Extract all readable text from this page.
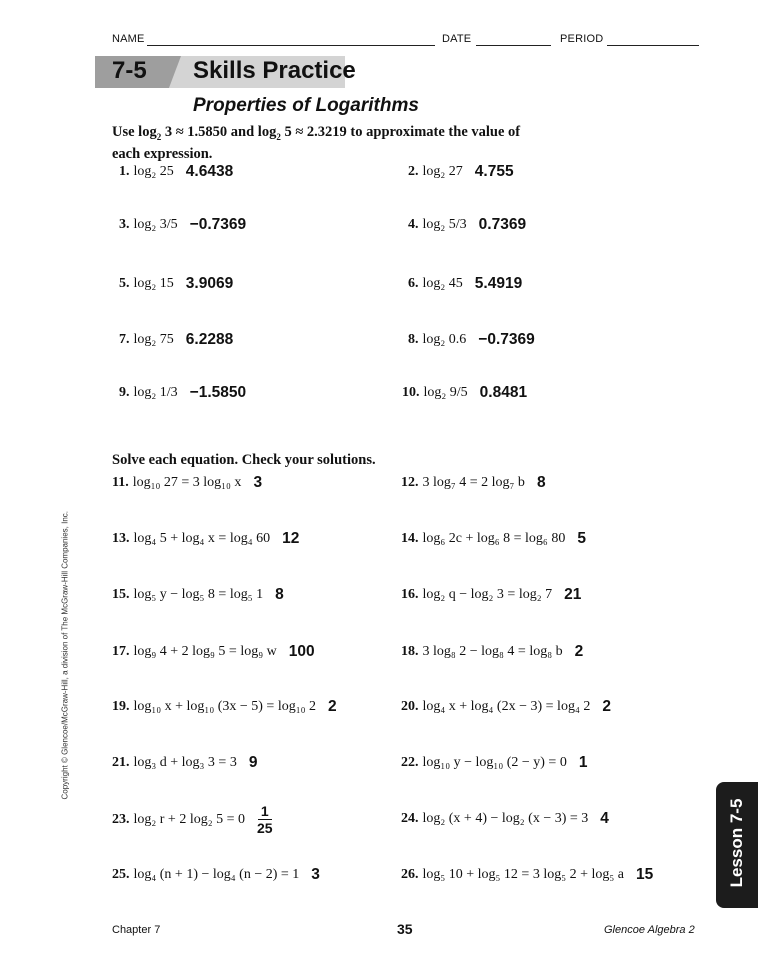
NAME	DATE	PERIOD
7-5 Skills Practice
Properties of Logarithms
Use $\log_2 3 \approx 1.5850$ and $\log_2 5 \approx 2.3219$ to approximate the value of
each expression.
1. log₂ 25 4.6438	2. log₂ 27 4.755
3. log₂ 3/5 −0.7369	4. log₂ 5/3 0.7369
5. log₂ 15 3.9069	6. log₂ 45 5.4919
7. log₂ 75 6.2288	8. log₂ 0.6 −0.7369
9. log₂ 1/3 −1.5850	10. log₂ 9/5 0.8481
Solve each equation. Check your solutions.
11. log₁₀ 27 = 3 log₁₀ x 3	12. 3 log₇ 4 = 2 log₇ b 8
13. log₄ 5 + log₄ x = log₄ 60 12	14. log₆ 2c + log₆ 8 = log₆ 80 5
15. log₅ y − log₅ 8 = log₅ 1 8	16. log₂ q − log₂ 3 = log₂ 7 21
17. log₉ 4 + 2 log₉ 5 = log₉ w 100	18. 3 log₈ 2 − log₈ 4 = log₈ b 2
19. log₁₀ x + log₁₀ (3x − 5) = log₁₀ 2 2	20. log₄ x + log₄ (2x − 3) = log₄ 2 2
21. log₃ d + log₃ 3 = 3 9	22. log₁₀ y − log₁₀ (2 − y) = 0 1
23. log₂ r + 2 log₂ $5 = 0 \frac{1}{25}$	24. log₂ (x + 4) − log₂ (x − 3) = 3 4
25. log₄ (n + 1) − log₄ (n − 2) = 1 3	26. log₅ 10 + log₅ 12 = 3 log₅ 2 + log₅ a 15
Copyright © Glencoe/McGraw-Hill, a division of The McGraw-Hill Companies, Inc.
Lesson 7-5
Chapter 7	35	Glencoe Algebra 2
